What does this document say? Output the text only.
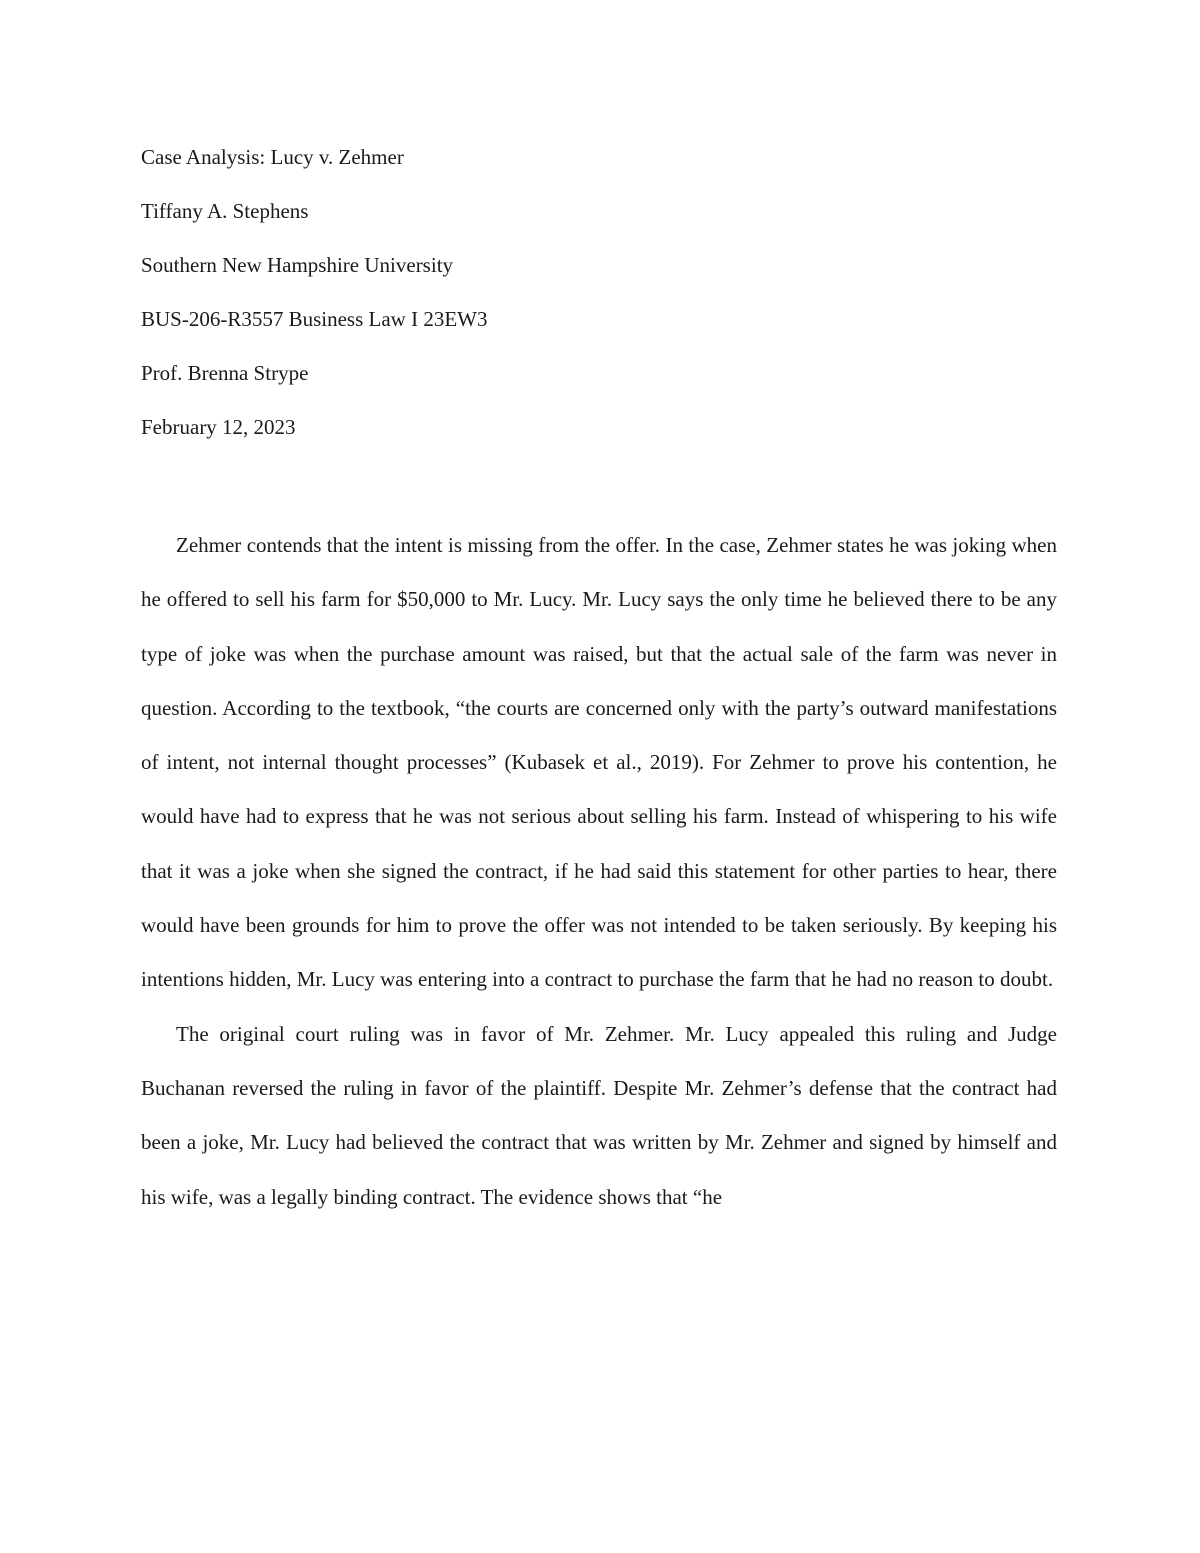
Case Analysis: Lucy v. Zehmer
Tiffany A. Stephens
Southern New Hampshire University
BUS-206-R3557 Business Law I 23EW3
Prof. Brenna Strype
February 12, 2023

Zehmer contends that the intent is missing from the offer. In the case, Zehmer states he was joking when he offered to sell his farm for $50,000 to Mr. Lucy. Mr. Lucy says the only time he believed there to be any type of joke was when the purchase amount was raised, but that the actual sale of the farm was never in question. According to the textbook, “the courts are concerned only with the party’s outward manifestations of intent, not internal thought processes” (Kubasek et al., 2019). For Zehmer to prove his contention, he would have had to express that he was not serious about selling his farm. Instead of whispering to his wife that it was a joke when she signed the contract, if he had said this statement for other parties to hear, there would have been grounds for him to prove the offer was not intended to be taken seriously. By keeping his intentions hidden, Mr. Lucy was entering into a contract to purchase the farm that he had no reason to doubt.

The original court ruling was in favor of Mr. Zehmer. Mr. Lucy appealed this ruling and Judge Buchanan reversed the ruling in favor of the plaintiff. Despite Mr. Zehmer’s defense that the contract had been a joke, Mr. Lucy had believed the contract that was written by Mr. Zehmer and signed by himself and his wife, was a legally binding contract. The evidence shows that “he
